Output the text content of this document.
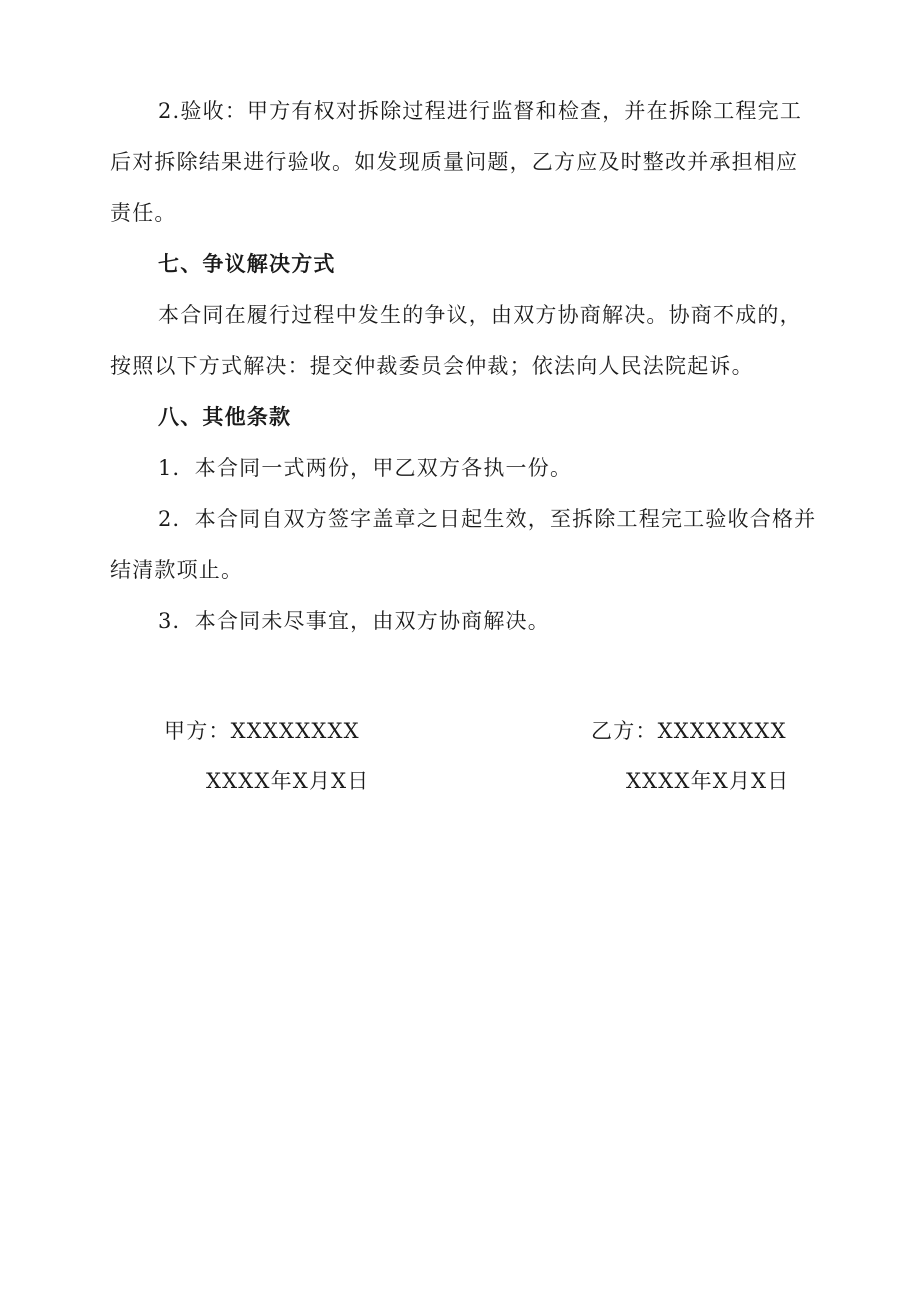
2.验收：甲方有权对拆除过程进行监督和检查，并在拆除工程完工后对拆除结果进行验收。如发现质量问题，乙方应及时整改并承担相应责任。

七、争议解决方式

本合同在履行过程中发生的争议，由双方协商解决。协商不成的，按照以下方式解决：提交仲裁委员会仲裁；依法向人民法院起诉。

八、其他条款

1．本合同一式两份，甲乙双方各执一份。

2．本合同自双方签字盖章之日起生效，至拆除工程完工验收合格并结清款项止。

3．本合同未尽事宜，由双方协商解决。

甲方：XXXXXXXX
XXXX年X月X日
乙方：XXXXXXXX
XXXX年X月X日
